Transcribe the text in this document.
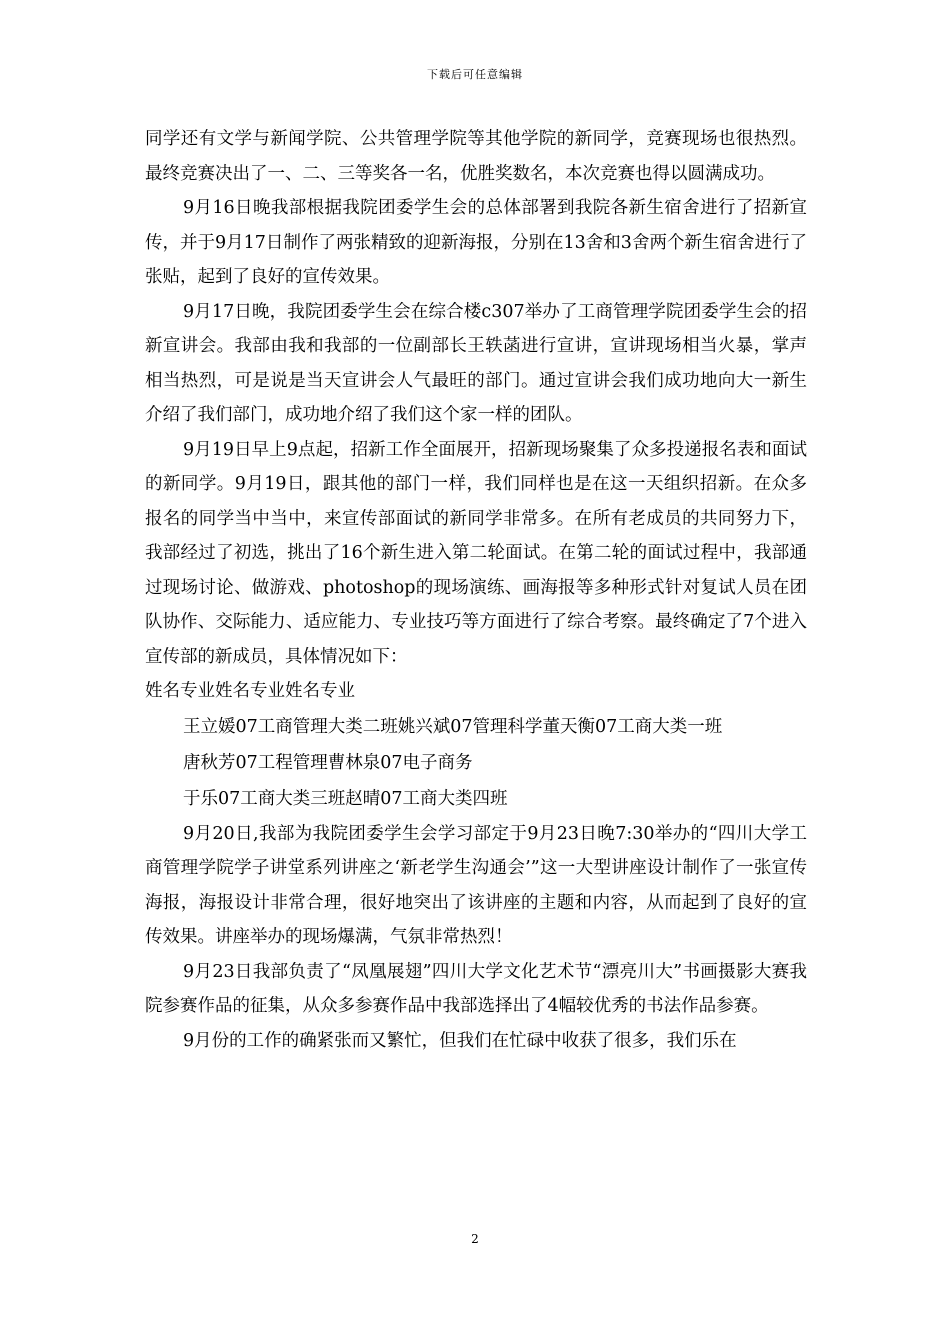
下载后可任意编辑

同学还有文学与新闻学院、公共管理学院等其他学院的新同学，竞赛现场也很热烈。最终竞赛决出了一、二、三等奖各一名，优胜奖数名，本次竞赛也得以圆满成功。

9月16日晚我部根据我院团委学生会的总体部署到我院各新生宿舍进行了招新宣传，并于9月17日制作了两张精致的迎新海报，分别在13舍和3舍两个新生宿舍进行了张贴，起到了良好的宣传效果。

9月17日晚，我院团委学生会在综合楼c307举办了工商管理学院团委学生会的招新宣讲会。我部由我和我部的一位副部长王轶菡进行宣讲，宣讲现场相当火暴，掌声相当热烈，可是说是当天宣讲会人气最旺的部门。通过宣讲会我们成功地向大一新生介绍了我们部门，成功地介绍了我们这个家一样的团队。

9月19日早上9点起，招新工作全面展开，招新现场聚集了众多投递报名表和面试的新同学。9月19日，跟其他的部门一样，我们同样也是在这一天组织招新。在众多报名的同学当中当中，来宣传部面试的新同学非常多。在所有老成员的共同努力下，我部经过了初选，挑出了16个新生进入第二轮面试。在第二轮的面试过程中，我部通过现场讨论、做游戏、photoshop的现场演练、画海报等多种形式针对复试人员在团队协作、交际能力、适应能力、专业技巧等方面进行了综合考察。最终确定了7个进入宣传部的新成员，具体情况如下：

姓名专业姓名专业姓名专业

王立媛07工商管理大类二班姚兴斌07管理科学董天衡07工商大类一班

唐秋芳07工程管理曹林泉07电子商务

于乐07工商大类三班赵晴07工商大类四班

9月20日,我部为我院团委学生会学习部定于9月23日晚7:30举办的“四川大学工商管理学院学子讲堂系列讲座之‘新老学生沟通会’”这一大型讲座设计制作了一张宣传海报，海报设计非常合理，很好地突出了该讲座的主题和内容，从而起到了良好的宣传效果。讲座举办的现场爆满，气氛非常热烈！

9月23日我部负责了“凤凰展翅”四川大学文化艺术节“漂亮川大”书画摄影大赛我院参赛作品的征集，从众多参赛作品中我部选择出了4幅较优秀的书法作品参赛。

9月份的工作的确紧张而又繁忙，但我们在忙碌中收获了很多，我们乐在

2
